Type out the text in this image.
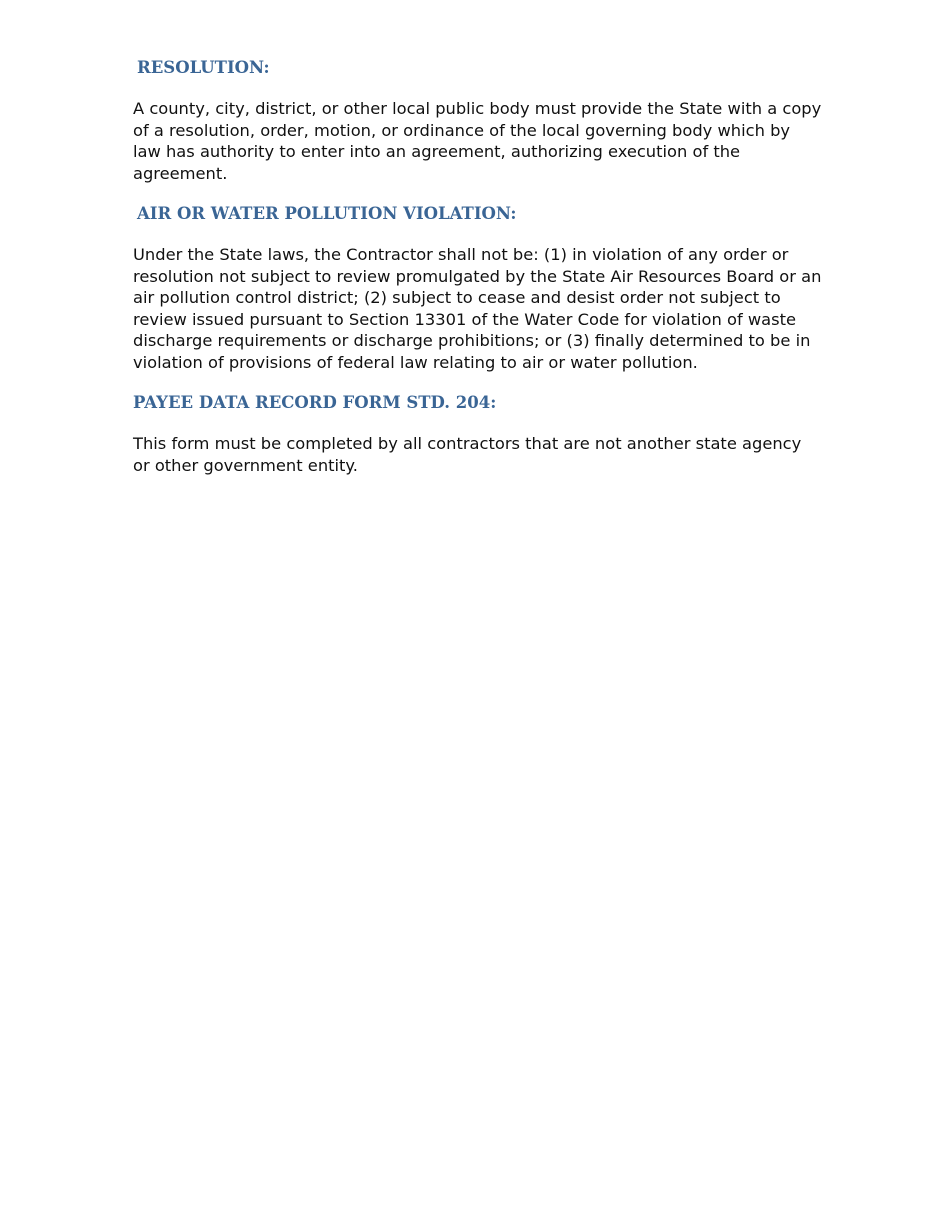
RESOLUTION:

A county, city, district, or other local public body must provide the State with a copy of a resolution, order, motion, or ordinance of the local governing body which by law has authority to enter into an agreement, authorizing execution of the agreement.

AIR OR WATER POLLUTION VIOLATION:

Under the State laws, the Contractor shall not be: (1) in violation of any order or resolution not subject to review promulgated by the State Air Resources Board or an air pollution control district; (2) subject to cease and desist order not subject to review issued pursuant to Section 13301 of the Water Code for violation of waste discharge requirements or discharge prohibitions; or (3) finally determined to be in violation of provisions of federal law relating to air or water pollution.

PAYEE DATA RECORD FORM STD. 204:

This form must be completed by all contractors that are not another state agency or other government entity.
